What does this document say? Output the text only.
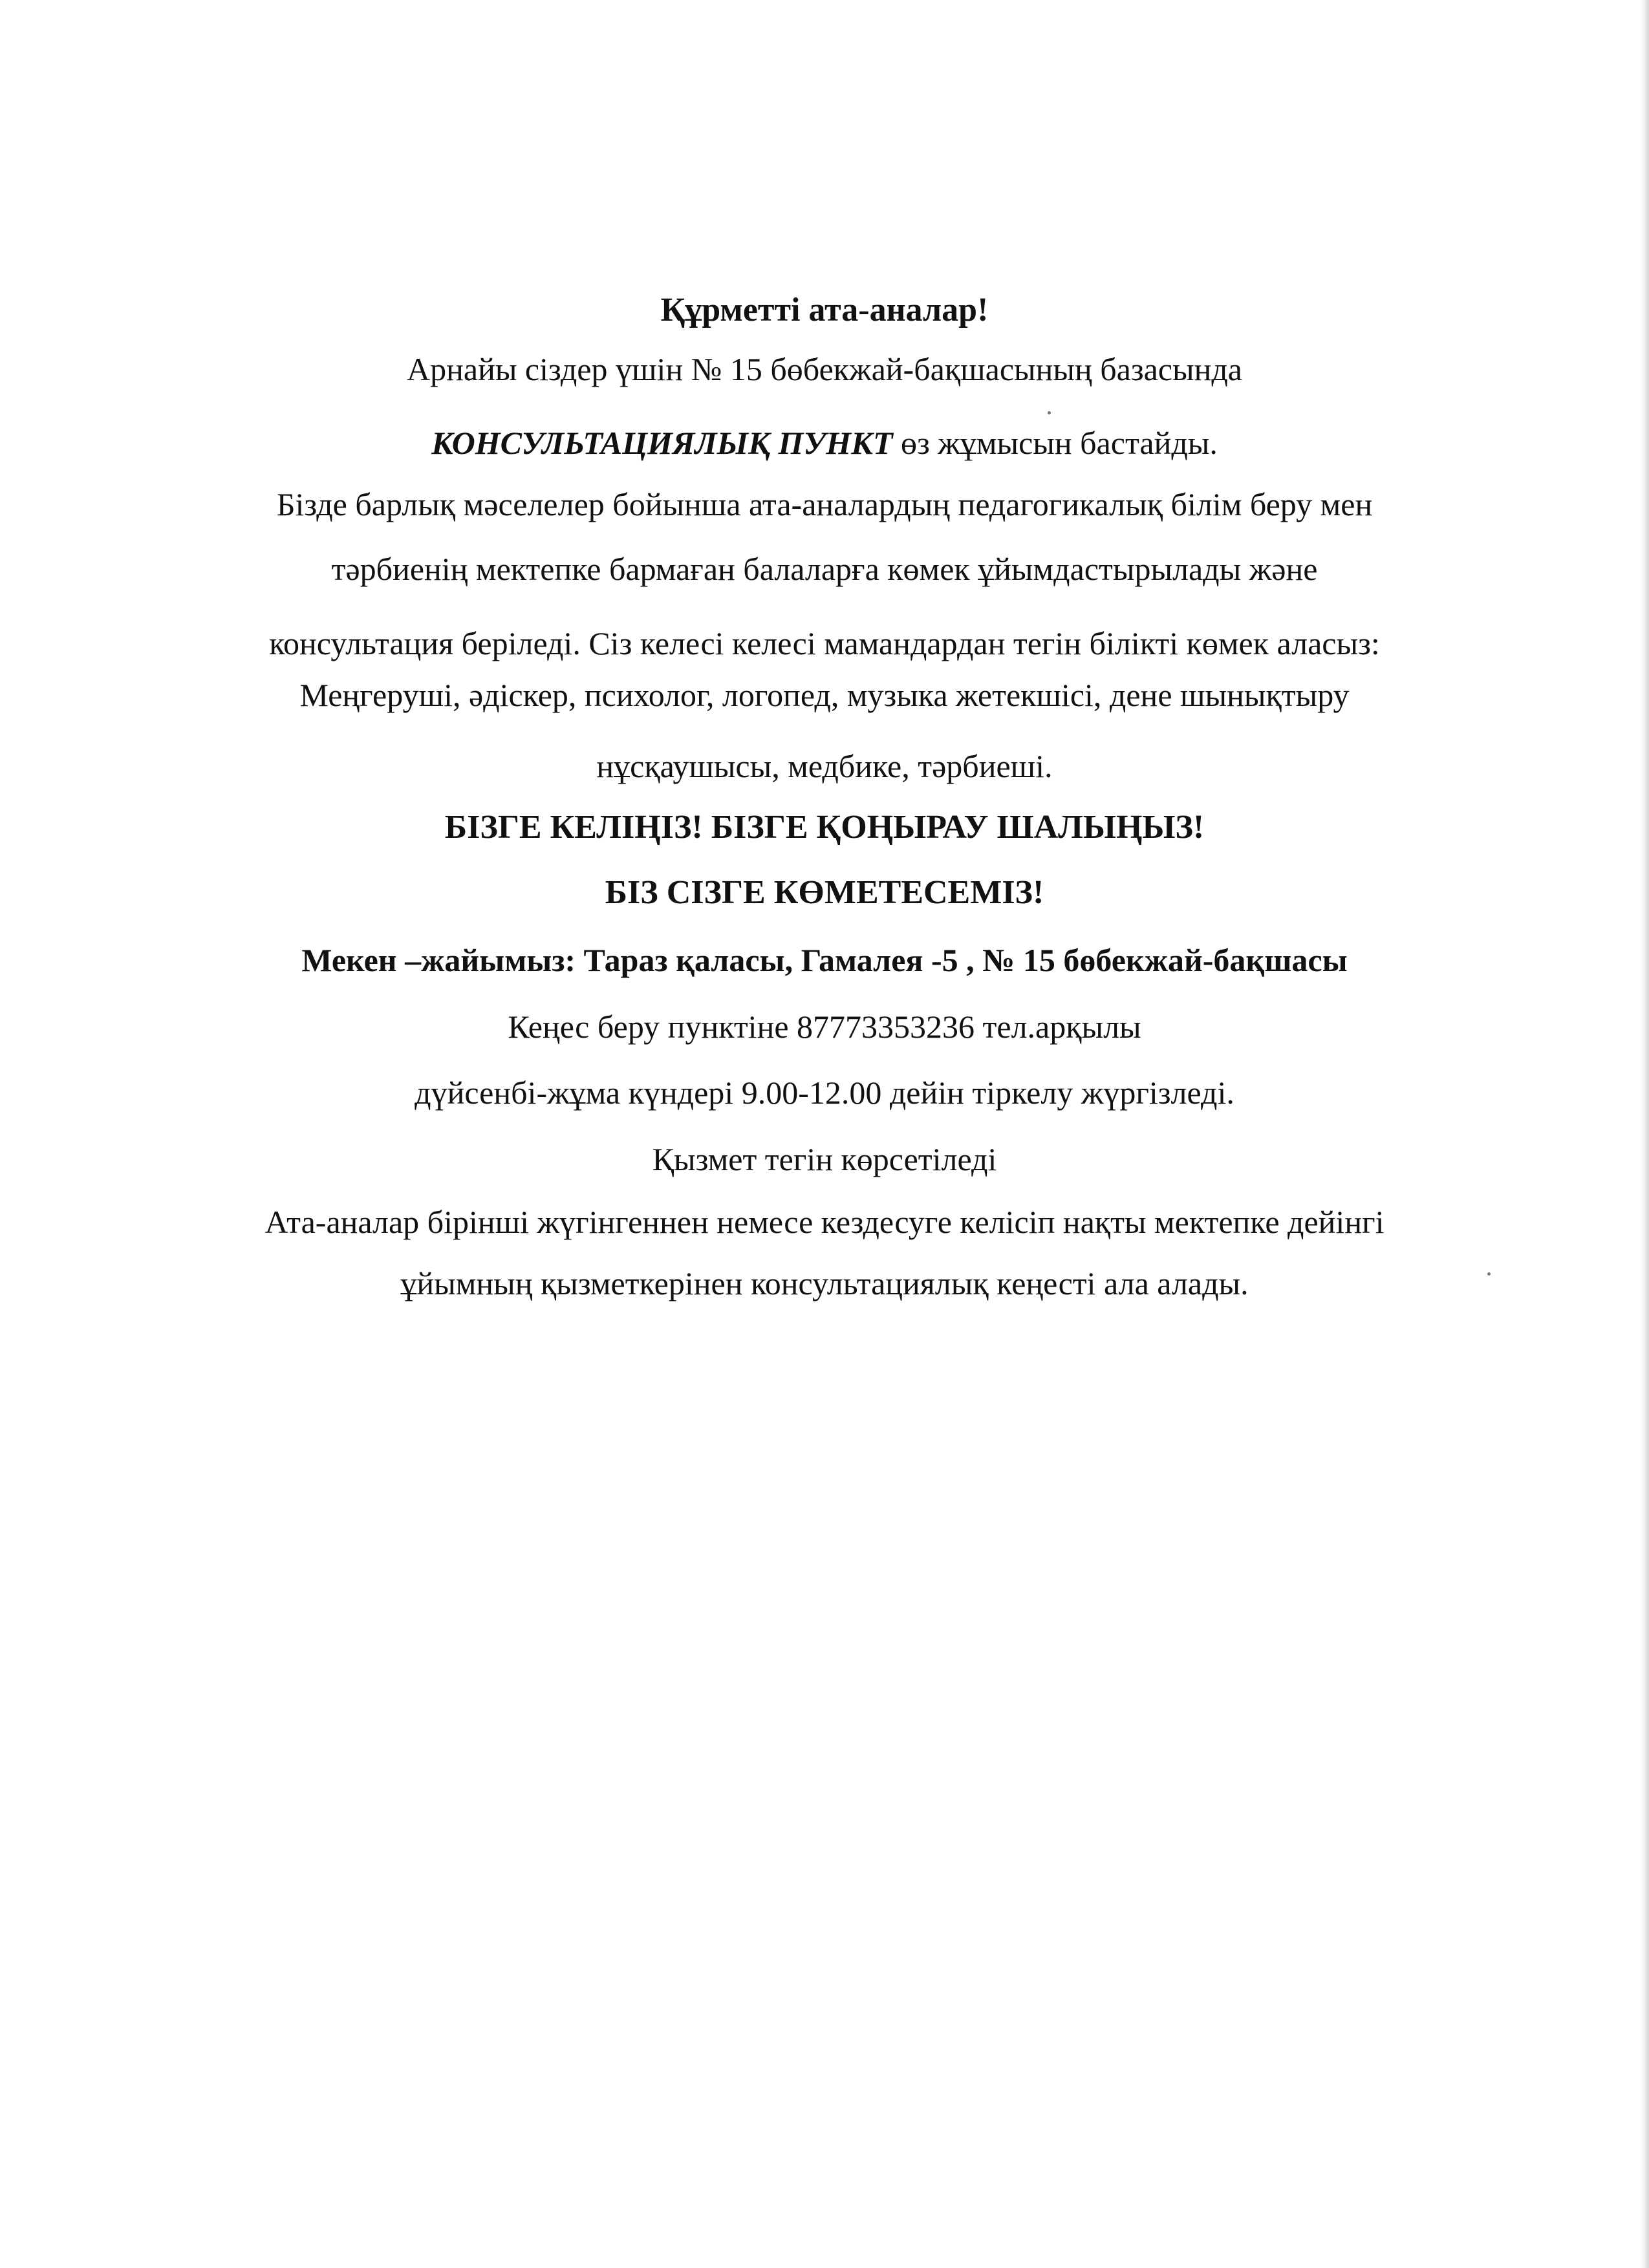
Құрметті ата-аналар!
Арнайы сіздер үшін № 15 бөбекжай-бақшасының базасында
КОНСУЛЬТАЦИЯЛЫҚ ПУНКТ өз жұмысын бастайды.
Бізде барлық мәселелер бойынша ата-аналардың педагогикалық білім беру мен
тәрбиенің мектепке бармаған балаларға көмек ұйымдастырылады және
консультация беріледі. Сіз келесі келесі мамандардан тегін білікті көмек аласыз:
Меңгеруші, әдіскер, психолог, логопед, музыка жетекшісі, дене шынықтыру
нұсқаушысы, медбике, тәрбиеші.
БІЗГЕ КЕЛІҢІЗ! БІЗГЕ ҚОҢЫРАУ ШАЛЫҢЫЗ!
БІЗ СІЗГЕ КӨМЕТЕСЕМІЗ!
Мекен –жайымыз: Тараз қаласы, Гамалея -5 , № 15 бөбекжай-бақшасы
Кеңес беру пунктіне 87773353236 тел.арқылы
дүйсенбі-жұма күндері 9.00-12.00 дейін тіркелу жүргізледі.
Қызмет тегін көрсетіледі
Ата-аналар бірінші жүгінгеннен немесе кездесуге келісіп нақты мектепке дейінгі
ұйымның қызметкерінен консультациялық кеңесті ала алады.
